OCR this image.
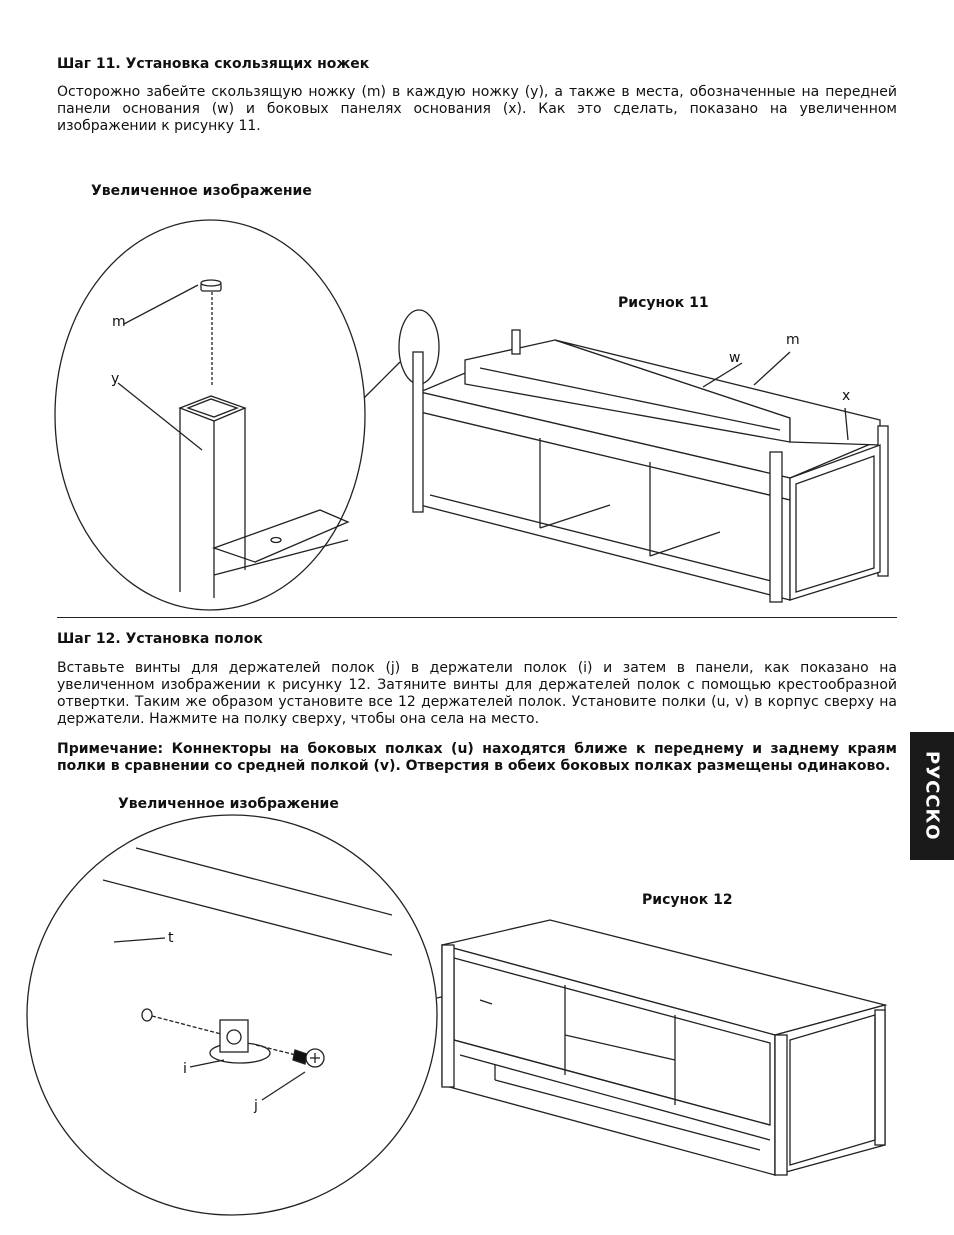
Шаг 11. Установка скользящих ножек

Осторожно забейте скользящую ножку (m) в каждую ножку (y), а также в места, обозначенные на передней панели основания (w) и боковых панелях основания (x). Как это сделать, показано на увеличенном изображении к рисунку 11.

Увеличенное изображение
Рисунок 11
m
y
w
m
x
Шаг 12. Установка полок

Вставьте винты для держателей полок (j) в держатели полок (i) и затем в панели, как показано на увеличенном изображении к рисунку 12. Затяните винты для держателей полок с помощью крестообразной отвертки. Таким же образом установите все 12 держателей полок. Установите полки (u, v) в корпус сверху на держатели. Нажмите на полку сверху, чтобы она села на место.

Примечание: Коннекторы на боковых полках (u) находятся ближе к переднему и заднему краям полки в сравнении со средней полкой (v). Отверстия в обеих боковых полках размещены одинаково.

Увеличенное изображение
Рисунок 12
t
i
j
РУССКО
